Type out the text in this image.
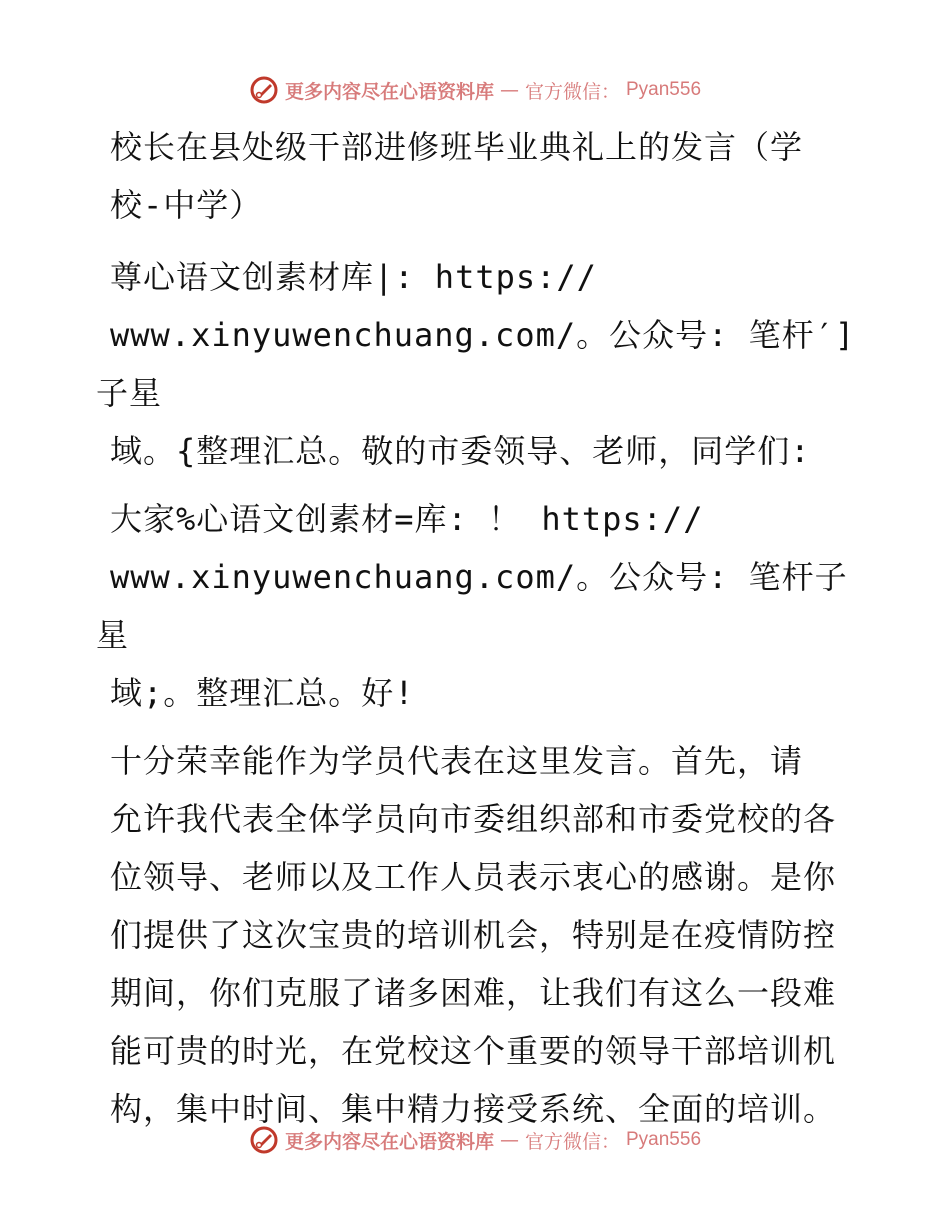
更多内容尽在心语资料库 — 官方微信： Pyan556

校长在县处级干部进修班毕业典礼上的发言（学
校-中学）

尊心语文创素材库|: https://
www.xinyuwenchuang.com/。公众号: 笔杆′]子星
域。{整理汇总。敬的市委领导、老师，同学们:

大家%心语文创素材=库: ！ https://
www.xinyuwenchuang.com/。公众号: 笔杆子星
域;。整理汇总。好!

十分荣幸能作为学员代表在这里发言。首先，请
允许我代表全体学员向市委组织部和市委党校的各
位领导、老师以及工作人员表示衷心的感谢。是你
们提供了这次宝贵的培训机会，特别是在疫情防控
期间，你们克服了诸多困难，让我们有这么一段难
能可贵的时光，在党校这个重要的领导干部培训机
构，集中时间、集中精力接受系统、全面的培训。

更多内容尽在心语资料库 — 官方微信： Pyan556
